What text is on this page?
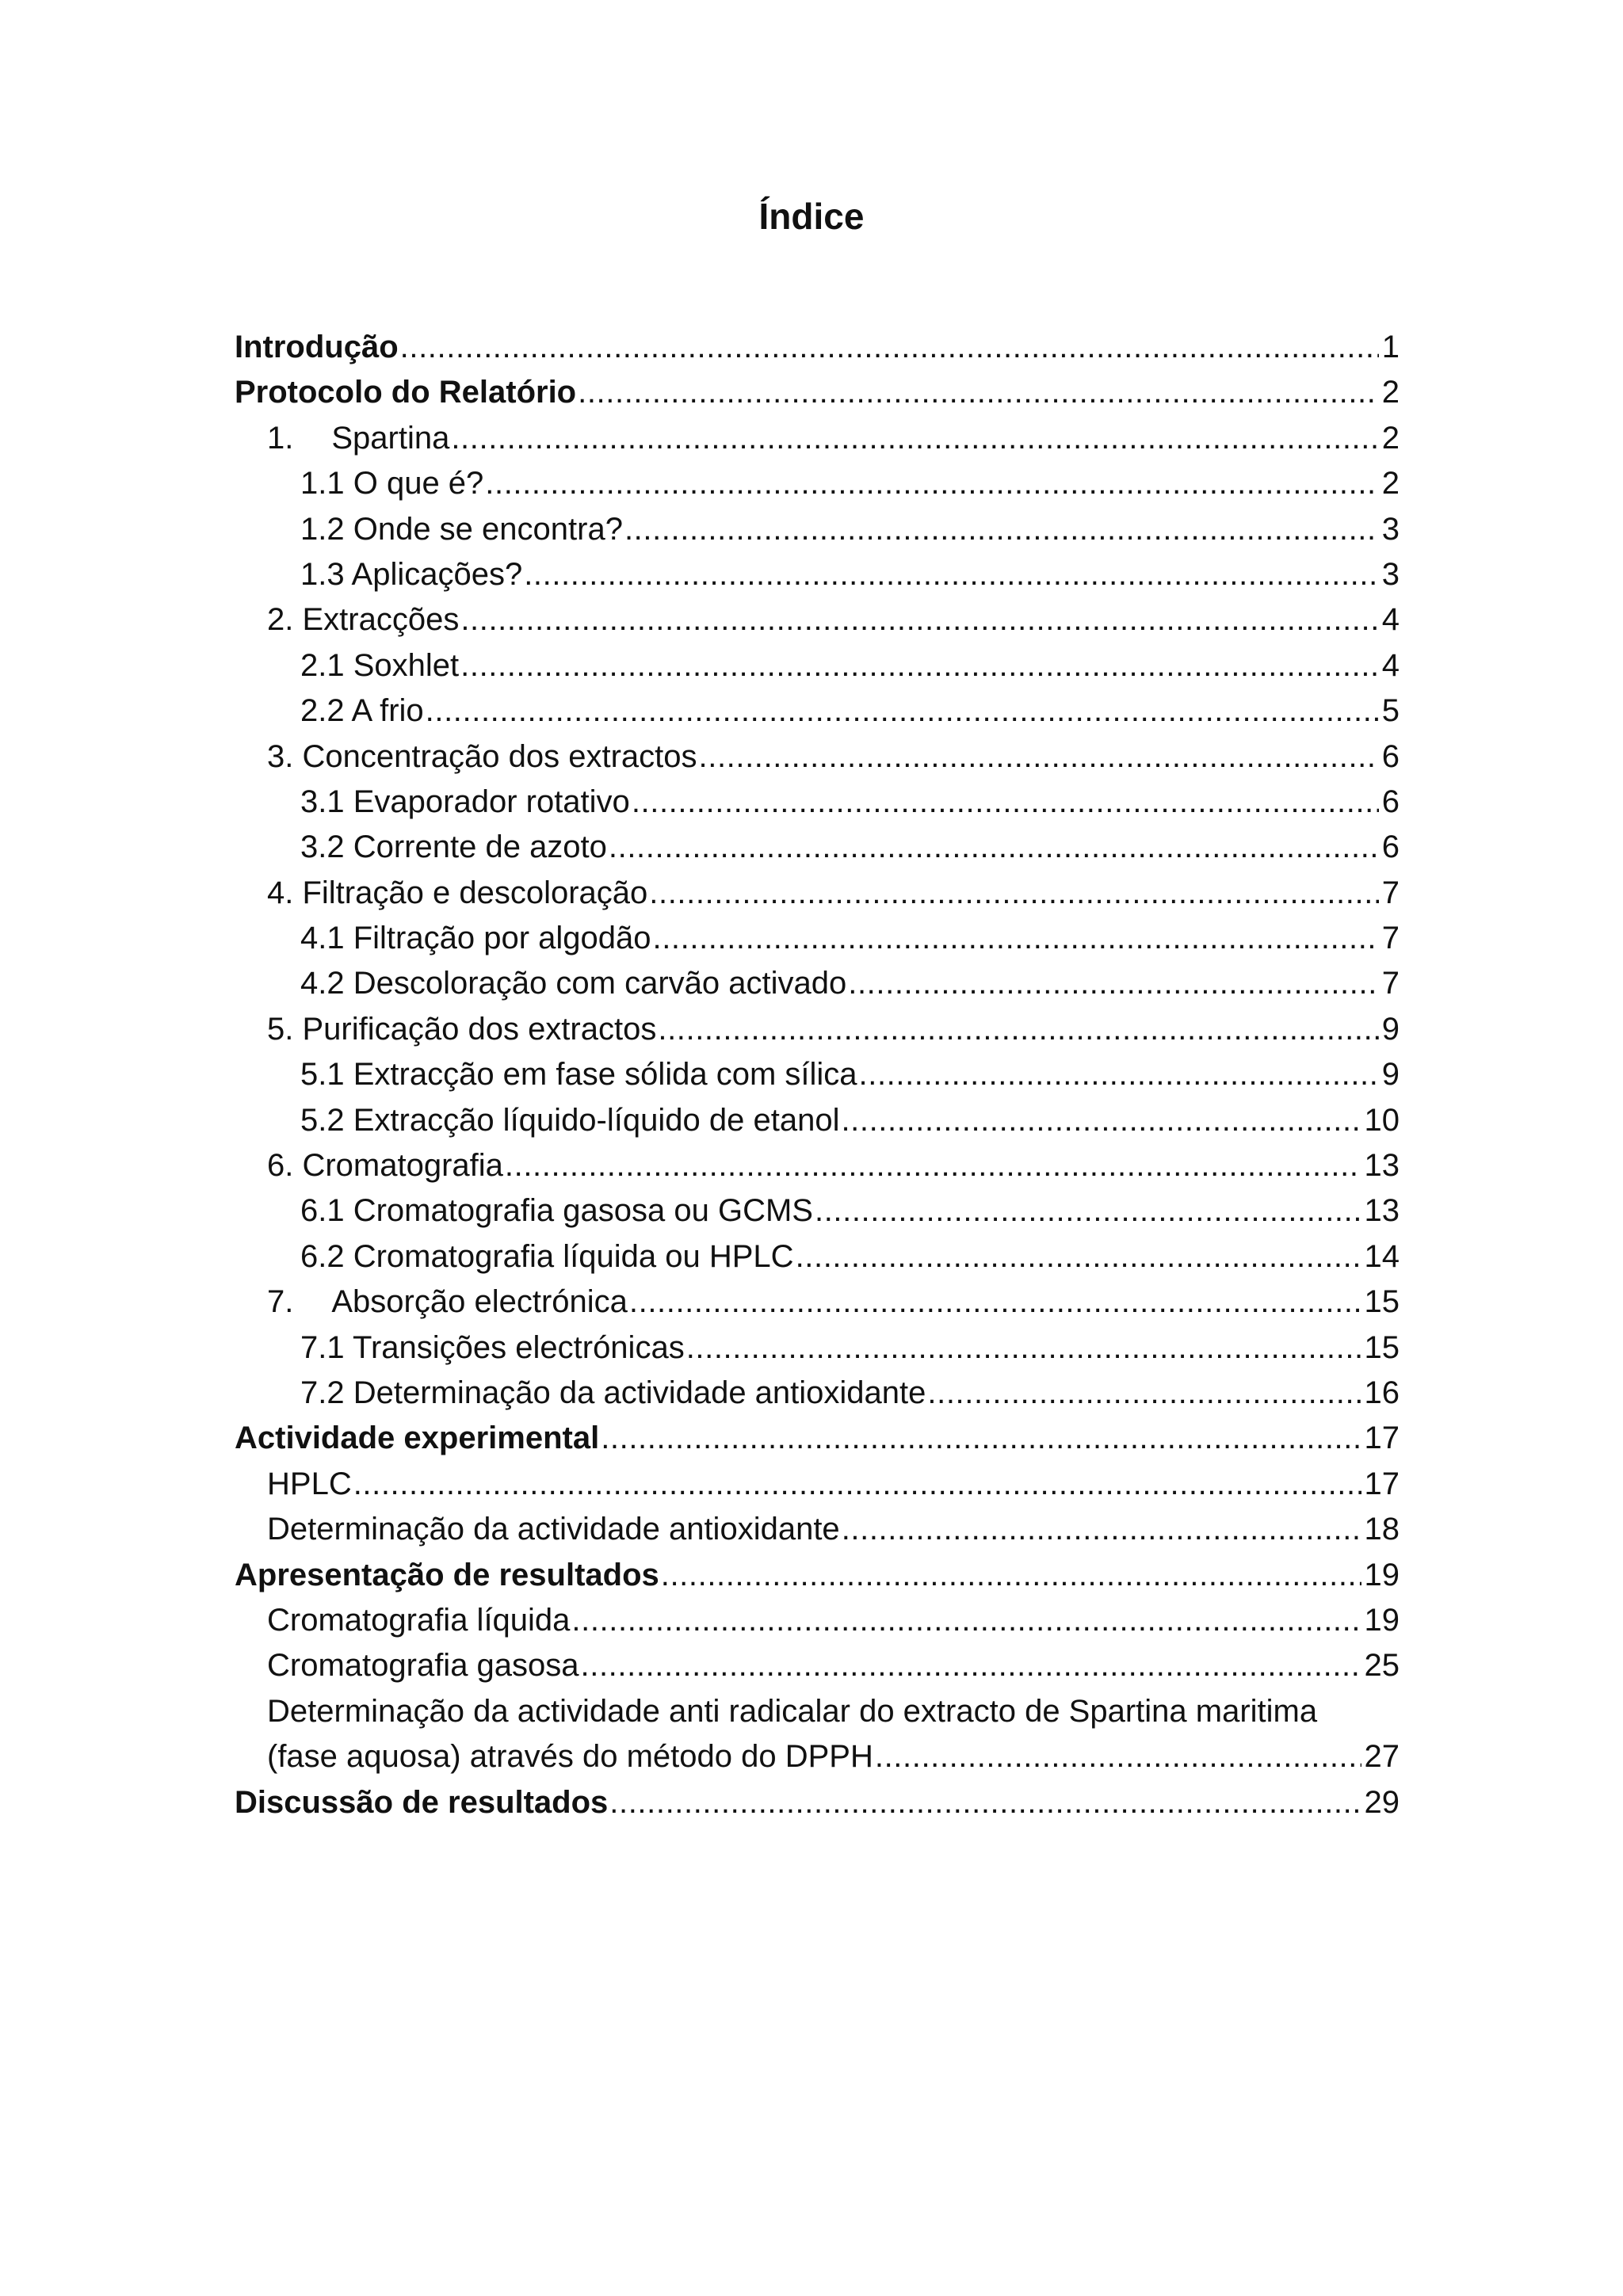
Índice
Introdução .....	1
Protocolo do Relatório .....	2
1. Spartina .....	2
1.1 O que é? .....	2
1.2 Onde se encontra? .....	3
1.3 Aplicações? .....	3
2. Extracções .....	4
2.1 Soxhlet .....	4
2.2 A frio .....	5
3. Concentração dos extractos .....	6
3.1 Evaporador rotativo .....	6
3.2 Corrente de azoto .....	6
4. Filtração e descoloração .....	7
4.1 Filtração por algodão .....	7
4.2 Descoloração com carvão activado .....	7
5. Purificação dos extractos .....	9
5.1 Extracção em fase sólida com sílica .....	9
5.2 Extracção líquido-líquido de etanol .....	10
6. Cromatografia .....	13
6.1 Cromatografia gasosa ou GCMS .....	13
6.2 Cromatografia líquida ou HPLC .....	14
7. Absorção electrónica .....	15
7.1 Transições electrónicas .....	15
7.2 Determinação da actividade antioxidante .....	16
Actividade experimental .....	17
HPLC .....	17
Determinação da actividade antioxidante .....	18
Apresentação de resultados .....	19
Cromatografia líquida .....	19
Cromatografia gasosa .....	25
Determinação da actividade anti radicalar do extracto de Spartina maritima
(fase aquosa) através do método do DPPH .....	27
Discussão de resultados .....	29
